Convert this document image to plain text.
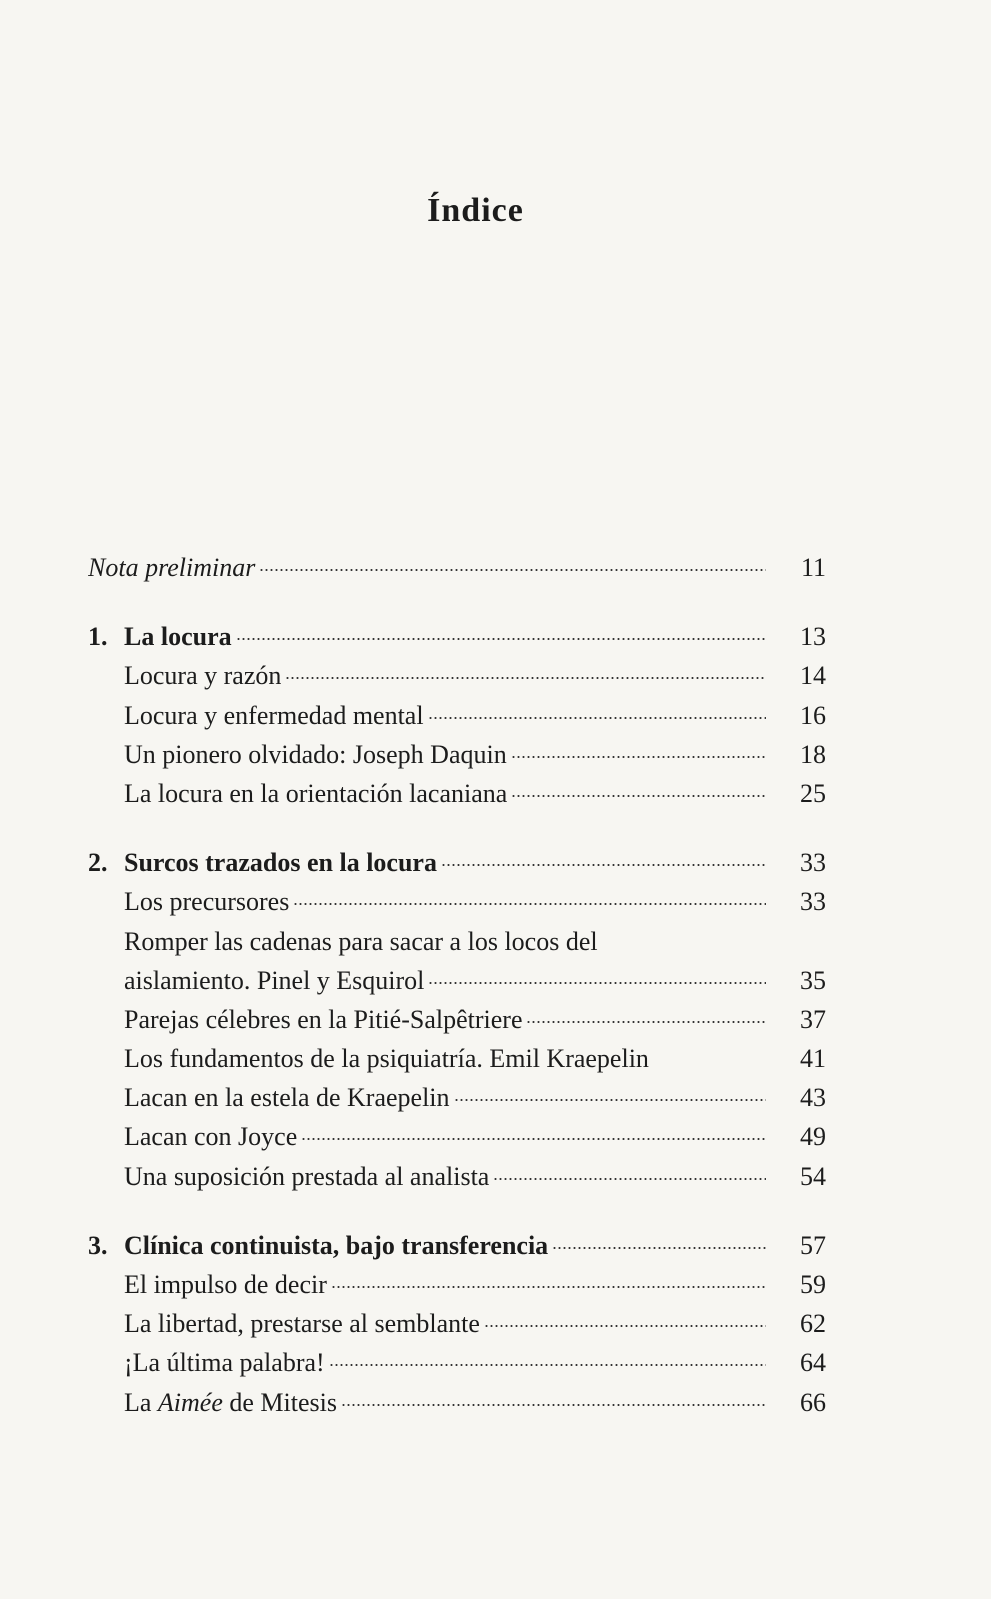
Índice
Nota preliminar	11
1. La locura	13
Locura y razón	14
Locura y enfermedad mental	16
Un pionero olvidado: Joseph Daquin	18
La locura en la orientación lacaniana	25
2. Surcos trazados en la locura	33
Los precursores	33
Romper las cadenas para sacar a los locos del
aislamiento. Pinel y Esquirol	35
Parejas célebres en la Pitié-Salpêtriere	37
Los fundamentos de la psiquiatría. Emil Kraepelin	41
Lacan en la estela de Kraepelin	43
Lacan con Joyce	49
Una suposición prestada al analista	54
3. Clínica continuista, bajo transferencia	57
El impulso de decir	59
La libertad, prestarse al semblante	62
¡La última palabra!	64
La Aimée de Mitesis	66
